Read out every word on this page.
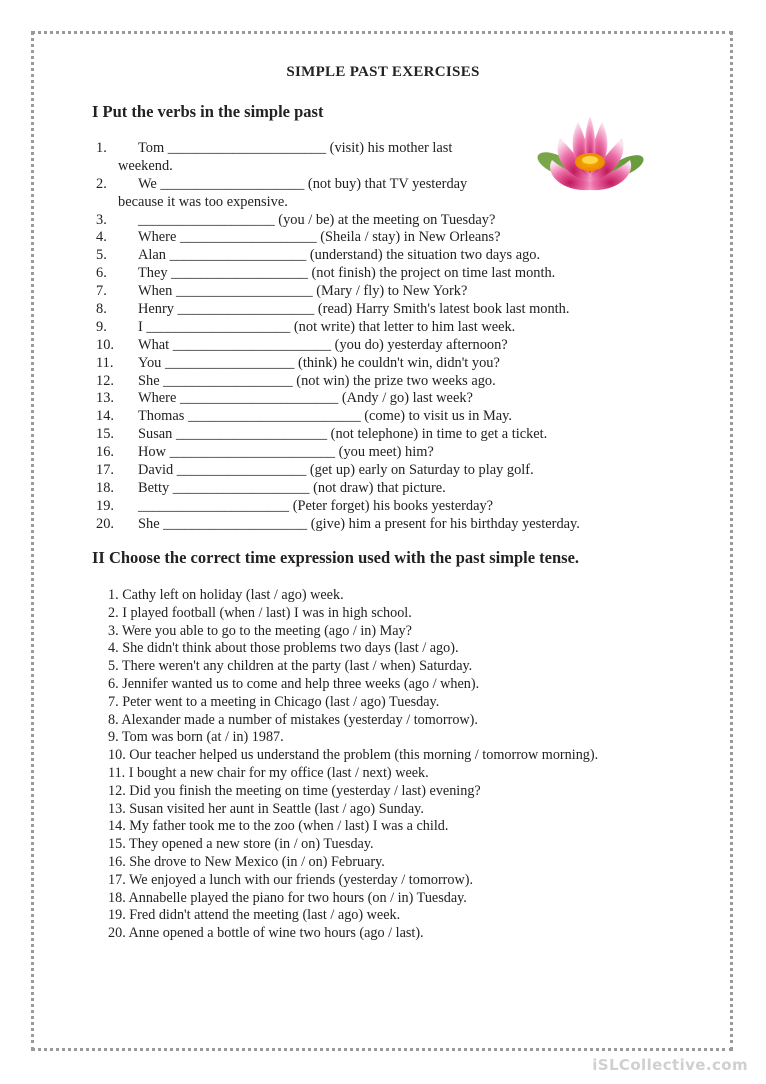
SIMPLE PAST EXERCISES
I Put the verbs in the simple past
1. Tom ______________________ (visit) his mother last
weekend.
2. We ____________________ (not buy) that TV yesterday
because it was too expensive.
3. ___________________ (you / be) at the meeting on Tuesday?
4. Where ___________________ (Sheila / stay) in New Orleans?
5. Alan ___________________ (understand) the situation two days ago.
6. They ___________________ (not finish) the project on time last month.
7. When ___________________ (Mary / fly) to New York?
8. Henry ___________________ (read) Harry Smith's latest book last month.
9. I ____________________ (not write) that letter to him last week.
10. What ______________________ (you do) yesterday afternoon?
11. You __________________ (think) he couldn't win, didn't you?
12. She __________________ (not win) the prize two weeks ago.
13. Where ______________________ (Andy / go) last week?
14. Thomas ________________________ (come) to visit us in May.
15. Susan _____________________ (not telephone) in time to get a ticket.
16. How _______________________ (you meet) him?
17. David __________________ (get up) early on Saturday to play golf.
18. Betty ___________________ (not draw) that picture.
19. _____________________ (Peter forget) his books yesterday?
20. She ____________________ (give) him a present for his birthday yesterday.
II Choose the correct time expression used with the past simple tense.
1. Cathy left on holiday (last / ago) week.
2. I played football (when / last) I was in high school.
3. Were you able to go to the meeting (ago / in) May?
4. She didn't think about those problems two days (last / ago).
5. There weren't any children at the party (last / when) Saturday.
6. Jennifer wanted us to come and help three weeks (ago / when).
7. Peter went to a meeting in Chicago (last / ago) Tuesday.
8. Alexander made a number of mistakes (yesterday / tomorrow).
9. Tom was born (at / in) 1987.
10. Our teacher helped us understand the problem (this morning / tomorrow morning).
11. I bought a new chair for my office (last / next) week.
12. Did you finish the meeting on time (yesterday / last) evening?
13. Susan visited her aunt in Seattle (last / ago) Sunday.
14. My father took me to the zoo (when / last) I was a child.
15. They opened a new store (in / on) Tuesday.
16. She drove to New Mexico (in / on) February.
17. We enjoyed a lunch with our friends (yesterday / tomorrow).
18. Annabelle played the piano for two hours (on / in) Tuesday.
19. Fred didn't attend the meeting (last / ago) week.
20. Anne opened a bottle of wine two hours (ago / last).
iSLCollective.com
